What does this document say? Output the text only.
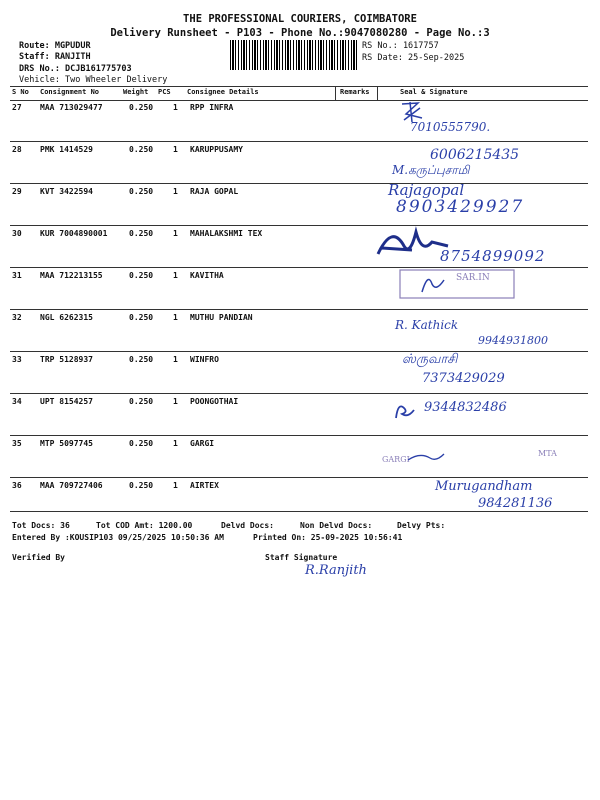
THE PROFESSIONAL COURIERS, COIMBATORE
Delivery Runsheet - P103 - Phone No.:9047080280 - Page No.:3
Route: MGPUDUR
Staff: RANJITH
DRS No.: DCJB161775703
Vehicle: Two Wheeler Delivery
RS No.: 1617757
RS Date: 25-Sep-2025
S No Consignment No	Weight PCS Consignee Details	Remarks	Seal & Signature
27 MAA 713029477	0.250 1 RPP INFRA
28 PMK 1414529	0.250 1 KARUPPUSAMY
29 KVT 3422594	0.250 1 RAJA GOPAL
30 KUR 7004890001	0.250 1 MAHALAKSHMI TEX
31 MAA 712213155	0.250 1 KAVITHA
32 NGL 6262315	0.250 1 MUTHU PANDIAN
33 TRP 5128937	0.250 1 WINFRO
34 UPT 8154257	0.250 1 POONGOTHAI
35 MTP 5097745	0.250 1 GARGI
36 MAA 709727406	0.250 1 AIRTEX
7010555790.
6006215435
M.கருப்புசாமி
Rajagopal
8903429927
8754899092
SAR.IN
R. Kathick
9944931800
ஸ்ருவாசி
7373429029
9344832486
GARGI
MTA
Murugandham
984281136
Tot Docs: 36	Tot COD Amt: 1200.00	Delvd Docs:	Non Delvd Docs:	Delvy Pts:
Entered By :KOUSIP103 09/25/2025 10:50:36 AM	Printed On: 25-09-2025 10:56:41
Verified By	Staff Signature
R.Ranjith
